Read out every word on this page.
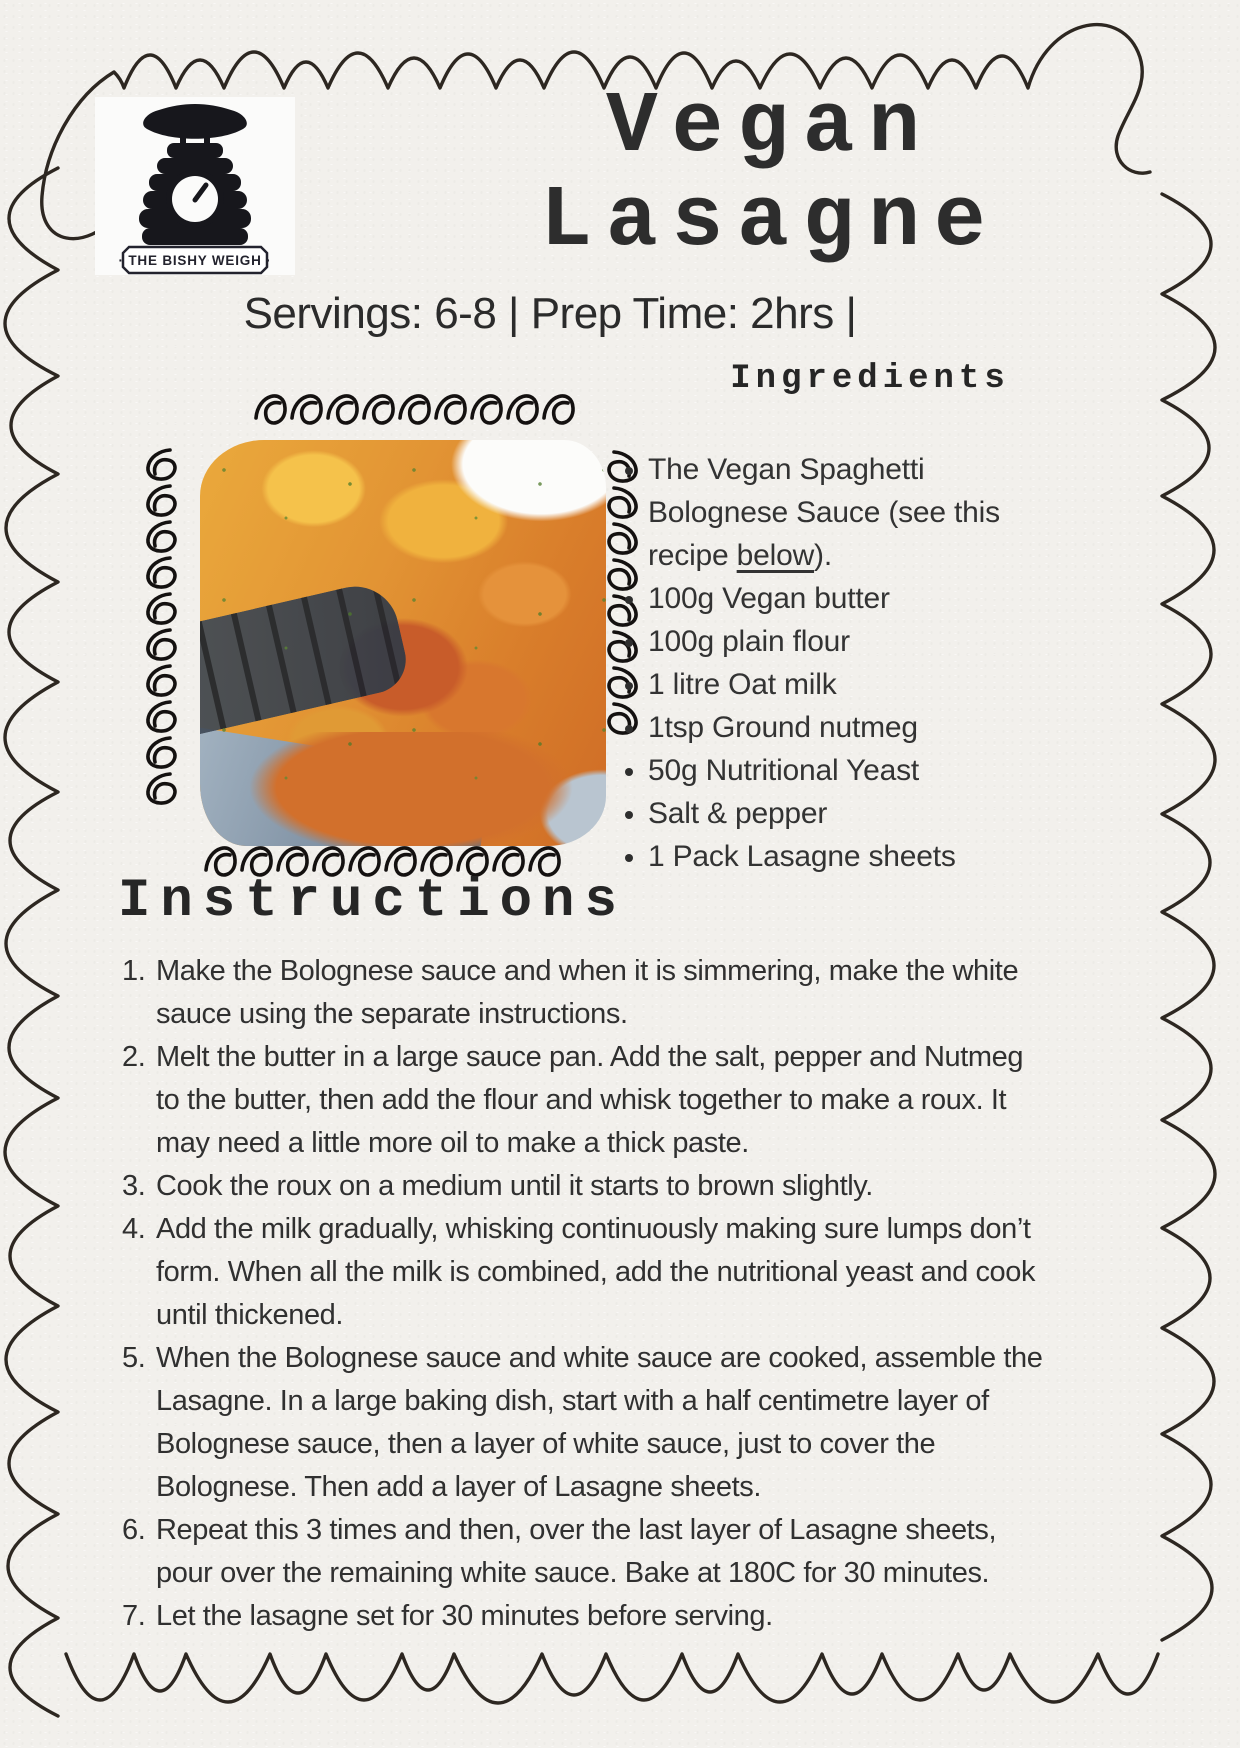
· THE BISHY WEIGH ·
Vegan
Lasagne
Servings: 6-8 | Prep Time: 2hrs |
Ingredients
• The Vegan Spaghetti Bolognese Sauce (see this recipe below).
• 100g Vegan butter
• 100g plain flour
• 1 litre Oat milk
• 1tsp Ground nutmeg
• 50g Nutritional Yeast
• Salt & pepper
• 1 Pack Lasagne sheets
Instructions
Make the Bolognese sauce and when it is simmering, make the white sauce using the separate instructions.
Melt the butter in a large sauce pan. Add the salt, pepper and Nutmeg to the butter, then add the flour and whisk together to make a roux. It may need a little more oil to make a thick paste.
Cook the roux on a medium until it starts to brown slightly.
Add the milk gradually, whisking continuously making sure lumps don’t form. When all the milk is combined, add the nutritional yeast and cook until thickened.
When the Bolognese sauce and white sauce are cooked, assemble the Lasagne. In a large baking dish, start with a half centimetre layer of Bolognese sauce, then a layer of white sauce, just to cover the Bolognese. Then add a layer of Lasagne sheets.
Repeat this 3 times and then, over the last layer of Lasagne sheets, pour over the remaining white sauce. Bake at 180C for 30 minutes.
Let the lasagne set for 30 minutes before serving.
